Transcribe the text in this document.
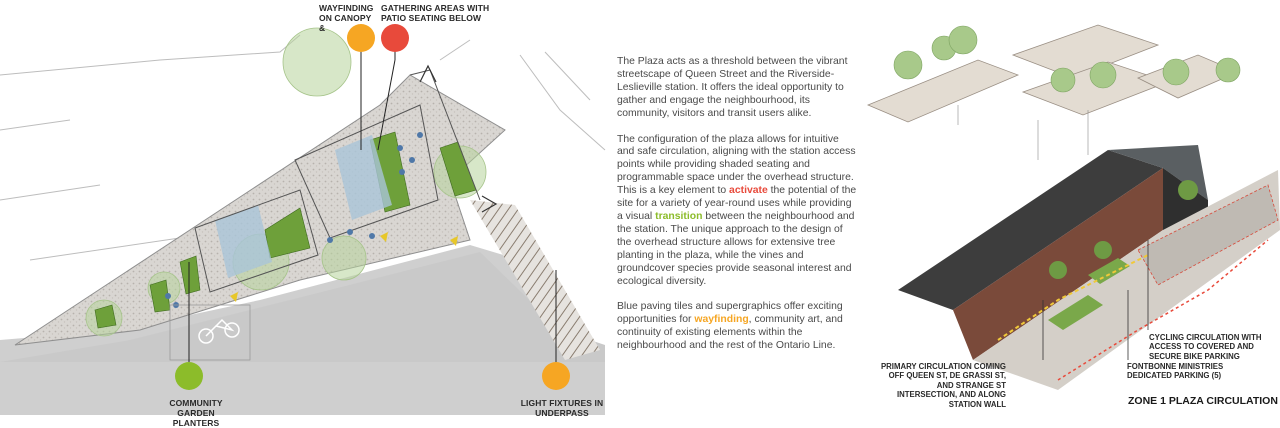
WAYFINDING ON CANOPY &
GATHERING AREAS WITH PATIO SEATING BELOW
COMMUNITY GARDEN PLANTERS
LIGHT FIXTURES IN UNDERPASS

The Plaza acts as a threshold between the vibrant streetscape of Queen Street and the Riverside-Leslieville station. It offers the ideal opportunity to gather and engage the neighbourhood, its community, visitors and transit users alike.

The configuration of the plaza allows for intuitive and safe circulation, aligning with the station access points while providing shaded seating and programmable space under the overhead structure. This is a key element to activate the potential of the site for a variety of year-round uses while providing a visual transition between the neighbourhood and the station. The unique approach to the design of the overhead structure allows for extensive tree planting in the plaza, while the vines and groundcover species provide seasonal interest and ecological diversity.

Blue paving tiles and supergraphics offer exciting opportunities for wayfinding, community art, and continuity of existing elements within the neighbourhood and the rest of the Ontario Line.

PRIMARY CIRCULATION COMING OFF QUEEN ST, DE GRASSI ST, AND STRANGE ST INTERSECTION, AND ALONG STATION WALL
FONTBONNE MINISTRIES DEDICATED PARKING (5)
CYCLING CIRCULATION WITH ACCESS TO COVERED AND SECURE BIKE PARKING
ZONE 1 PLAZA CIRCULATION
